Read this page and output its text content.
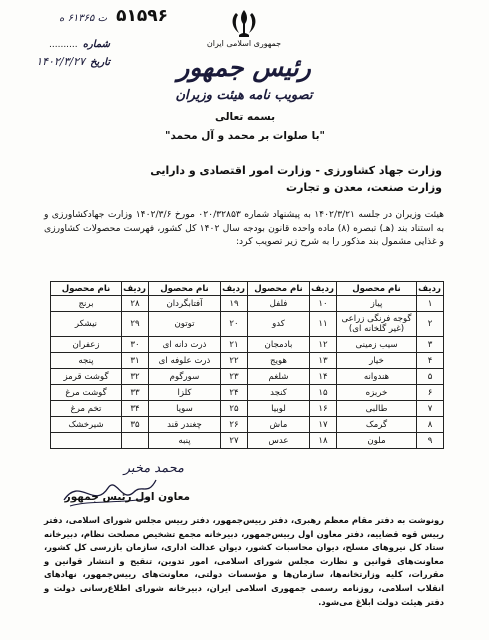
۵۱۵۹۶ ت ۶۱۳۶۵ ه
شماره ..........
تاریخ ۱۴۰۲/۳/۲۷
جمهوری اسلامی ایران
رئیس جمهور
تصویب نامه هیئت وزیران
بسمه تعالی
"با صلوات بر محمد و آل محمد"
وزارت جهاد کشاورزی - وزارت امور اقتصادی و دارایی
وزارت صنعت، معدن و تجارت
هیئت وزیران در جلسه ۱۴۰۲/۳/۲۱ به پیشنهاد شماره ۰۲۰/۳۲۸۵۳ مورخ ۱۴۰۲/۳/۶ وزارت جهادکشاورزی و به استناد بند (هـ) تبصره (۸) ماده واحده قانون بودجه سال ۱۴۰۲ کل کشور، فهرست محصولات کشاورزی و غذایی مشمول بند مذکور را به شرح زیر تصویب کرد:
ردیف	نام محصول	ردیف	نام محصول	ردیف	نام محصول	ردیف	نام محصول
۱	پیاز	۱۰	فلفل	۱۹	آفتابگردان	۲۸	برنج
۲	گوجه فرنگی زراعی (غیر گلخانه ای)	۱۱	کدو	۲۰	توتون	۲۹	نیشکر
۳	سیب زمینی	۱۲	بادمجان	۲۱	ذرت دانه ای	۳۰	زعفران
۴	خیار	۱۳	هویج	۲۲	ذرت علوفه ای	۳۱	پنجه
۵	هندوانه	۱۴	شلغم	۲۳	سورگوم	۳۲	گوشت قرمز
۶	خربزه	۱۵	کنجد	۲۴	کلزا	۳۳	گوشت مرغ
۷	طالبی	۱۶	لوبیا	۲۵	سویا	۳۴	تخم مرغ
۸	گرمک	۱۷	ماش	۲۶	چغندر قند	۳۵	شیرخشک
۹	ملون	۱۸	عدس	۲۷	پنبه		
محمد مخبر
معاون اول رئیس جمهور
رونوشت به دفتر مقام معظم رهبری، دفتر رییس‌جمهور، دفتر رییس مجلس شورای اسلامی، دفتر رییس قوه قضاییه، دفتر معاون اول رییس‌جمهور، دبیرخانه مجمع تشخیص مصلحت نظام، دبیرخانه ستاد کل نیروهای مسلح، دیوان محاسبات کشور، دیوان عدالت اداری، سازمان بازرسی کل کشور، معاونت‌های قوانین و نظارت مجلس شورای اسلامی، امور تدوین، تنقیح و انتشار قوانین و مقررات، کلیه وزارتخانه‌ها، سازمان‌ها و مؤسسات دولتی، معاونت‌های رییس‌جمهور، نهادهای انقلاب اسلامی، روزنامه رسمی جمهوری اسلامی ایران، دبیرخانه شورای اطلاع‌رسانی دولت و دفتر هیئت دولت ابلاغ می‌شود.
